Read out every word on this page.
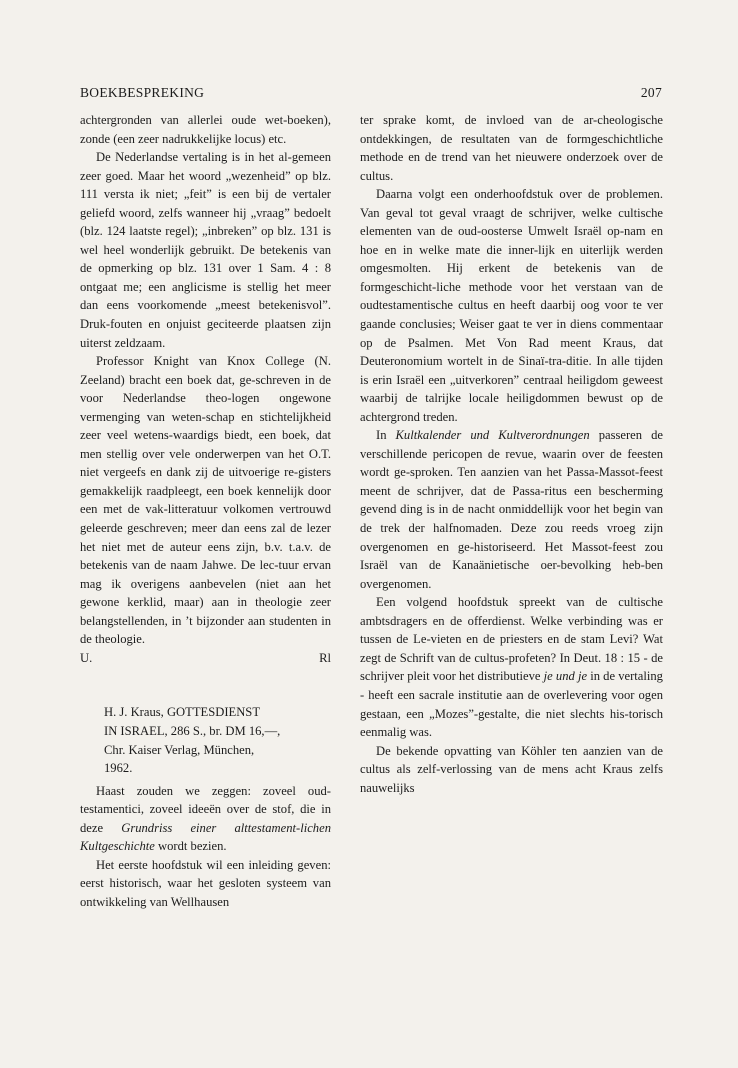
BOEKBESPREKING	207

achtergronden van allerlei oude wet-boeken), zonde (een zeer nadrukkelijke locus) etc.

De Nederlandse vertaling is in het al-gemeen zeer goed. Maar het woord „wezenheid” op blz. 111 versta ik niet; „feit” is een bij de vertaler geliefd woord, zelfs wanneer hij „vraag” bedoelt (blz. 124 laatste regel); „inbreken” op blz. 131 is wel heel wonderlijk gebruikt. De betekenis van de opmerking op blz. 131 over 1 Sam. 4 : 8 ontgaat me; een anglicisme is stellig het meer dan eens voorkomende „meest betekenisvol”. Druk-fouten en onjuist geciteerde plaatsen zijn uiterst zeldzaam.

Professor Knight van Knox College (N. Zeeland) bracht een boek dat, ge-schreven in de voor Nederlandse theo-logen ongewone vermenging van weten-schap en stichtelijkheid zeer veel wetens-waardigs biedt, een boek, dat men stellig over vele onderwerpen van het O.T. niet vergeefs en dank zij de uitvoerige re-gisters gemakkelijk raadpleegt, een boek kennelijk door een met de vak-litteratuur volkomen vertrouwd geleerde geschreven; meer dan eens zal de lezer het niet met de auteur eens zijn, b.v. t.a.v. de betekenis van de naam Jahwe. De lec-tuur ervan mag ik overigens aanbevelen (niet aan het gewone kerklid, maar) aan in theologie zeer belangstellenden, in ’t bijzonder aan studenten in de theologie.

U.	Rl

H. J. Kraus, GOTTESDIENST
IN ISRAEL, 286 S., br. DM 16,—,
Chr. Kaiser Verlag, München,
1962.

Haast zouden we zeggen: zoveel oud-testamentici, zoveel ideeën over de stof, die in deze Grundriss einer alttestament-lichen Kultgeschichte wordt bezien.

Het eerste hoofdstuk wil een inleiding geven: eerst historisch, waar het gesloten systeem van ontwikkeling van Wellhausen

ter sprake komt, de invloed van de ar-cheologische ontdekkingen, de resultaten van de formgeschichtliche methode en de trend van het nieuwere onderzoek over de cultus.

Daarna volgt een onderhoofdstuk over de problemen. Van geval tot geval vraagt de schrijver, welke cultische elementen van de oud-oosterse Umwelt Israël op-nam en hoe en in welke mate die inner-lijk en uiterlijk werden omgesmolten. Hij erkent de betekenis van de formgeschicht-liche methode voor het verstaan van de oudtestamentische cultus en heeft daarbij oog voor te ver gaande conclusies; Weiser gaat te ver in diens commentaar op de Psalmen. Met Von Rad meent Kraus, dat Deuteronomium wortelt in de Sinaï-tra-ditie. In alle tijden is erin Israël een „uitverkoren” centraal heiligdom geweest waarbij de talrijke locale heiligdommen bewust op de achtergrond treden.

In Kultkalender und Kultverordnungen passeren de verschillende pericopen de revue, waarin over de feesten wordt ge-sproken. Ten aanzien van het Passa-Massot-feest meent de schrijver, dat de Passa-ritus een bescherming gevend ding is in de nacht onmiddellijk voor het begin van de trek der halfnomaden. Deze zou reeds vroeg zijn overgenomen en ge-historiseerd. Het Massot-feest zou Israël van de Kanaänietische oer-bevolking heb-ben overgenomen.

Een volgend hoofdstuk spreekt van de cultische ambtsdragers en de offerdienst. Welke verbinding was er tussen de Le-vieten en de priesters en de stam Levi? Wat zegt de Schrift van de cultus-profeten? In Deut. 18 : 15 - de schrijver pleit voor het distributieve je und je in de vertaling - heeft een sacrale institutie aan de overlevering voor ogen gestaan, een „Mozes”-gestalte, die niet slechts his-torisch eenmalig was.

De bekende opvatting van Köhler ten aanzien van de cultus als zelf-verlossing van de mens acht Kraus zelfs nauwelijks
